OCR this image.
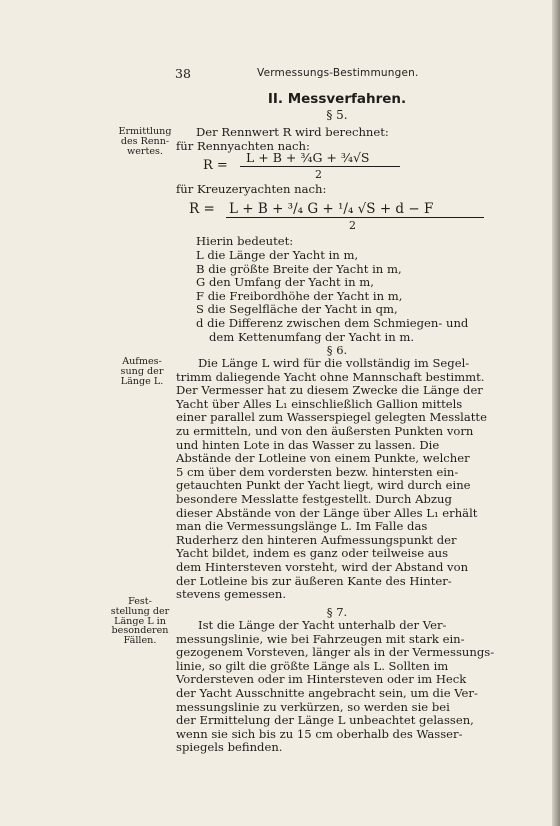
38	Vermessungs-Bestimmungen.
II. Messverfahren.
§ 5.
Ermittlung
des Renn-
wertes.
Der Rennwert R wird berechnet:
für Rennyachten nach:
R =
L + B + ¾G + ¾√S
2
für Kreuzeryachten nach:
R = L + B + ³/₄ G + ¹/₄ √S + d − F
2
Hierin bedeutet:
L die Länge der Yacht in m,
B die größte Breite der Yacht in m,
G den Umfang der Yacht in m,
F die Freibordhöhe der Yacht in m,
S die Segelfläche der Yacht in qm,
d die Differenz zwischen dem Schmiegen- und
dem Kettenumfang der Yacht in m.
§ 6.
Aufmes-
sung der
Länge L.
Die Länge L wird für die vollständig im Segel-
trimm daliegende Yacht ohne Mannschaft bestimmt.
Der Vermesser hat zu diesem Zwecke die Länge der
Yacht über Alles L₁ einschließlich Gallion mittels
einer parallel zum Wasserspiegel gelegten Messlatte
zu ermitteln, und von den äußersten Punkten vorn
und hinten Lote in das Wasser zu lassen. Die
Abstände der Lotleine von einem Punkte, welcher
5 cm über dem vordersten bezw. hintersten ein-
getauchten Punkt der Yacht liegt, wird durch eine
besondere Messlatte festgestellt. Durch Abzug
dieser Abstände von der Länge über Alles L₁ erhält
man die Vermessungslänge L. Im Falle das
Ruderherz den hinteren Aufmessungspunkt der
Yacht bildet, indem es ganz oder teilweise aus
dem Hintersteven vorsteht, wird der Abstand von
der Lotleine bis zur äußeren Kante des Hinter-
stevens gemessen.
§ 7.
Fest-
stellung der
Länge L in
besonderen
Fällen.
Ist die Länge der Yacht unterhalb der Ver-
messungslinie, wie bei Fahrzeugen mit stark ein-
gezogenem Vorsteven, länger als in der Vermessungs-
linie, so gilt die größte Länge als L. Sollten im
Vordersteven oder im Hintersteven oder im Heck
der Yacht Ausschnitte angebracht sein, um die Ver-
messungslinie zu verkürzen, so werden sie bei
der Ermittelung der Länge L unbeachtet gelassen,
wenn sie sich bis zu 15 cm oberhalb des Wasser-
spiegels befinden.
